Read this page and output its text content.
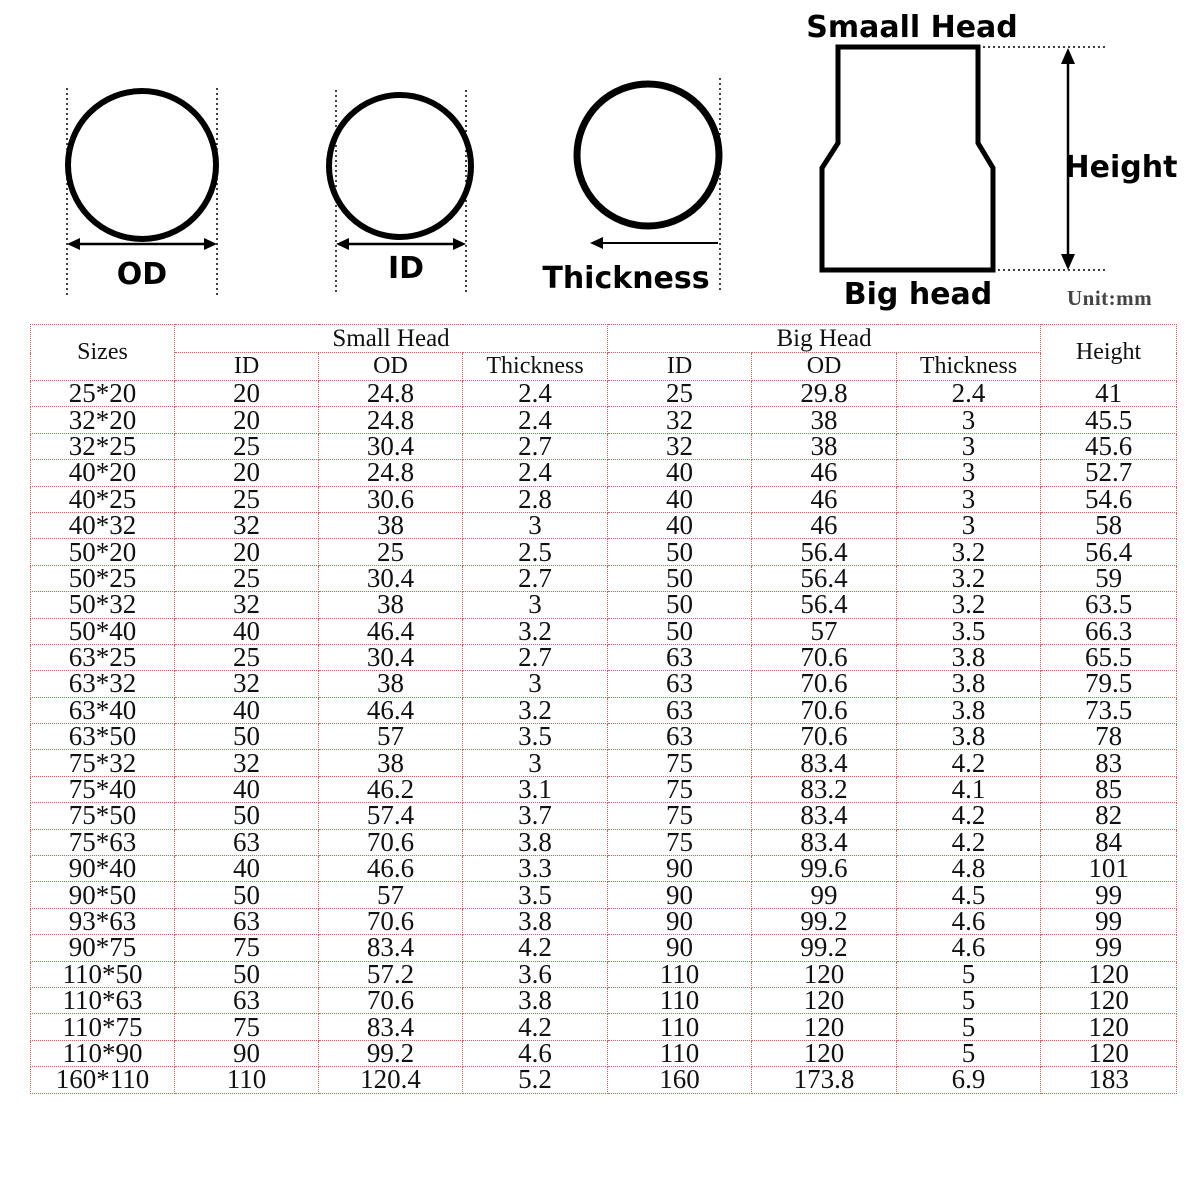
OD	ID	Thickness
Smaall Head
Height
Big head	Unit:mm
Sizes	Small Head			Big Head			Height
	ID	OD	Thickness	ID	OD	Thickness	
25*20	20	24.8	2.4	25	29.8	2.4	41
32*20	20	24.8	2.4	32	38	3	45.5
32*25	25	30.4	2.7	32	38	3	45.6
40*20	20	24.8	2.4	40	46	3	52.7
40*25	25	30.6	2.8	40	46	3	54.6
40*32	32	38	3	40	46	3	58
50*20	20	25	2.5	50	56.4	3.2	56.4
50*25	25	30.4	2.7	50	56.4	3.2	59
50*32	32	38	3	50	56.4	3.2	63.5
50*40	40	46.4	3.2	50	57	3.5	66.3
63*25	25	30.4	2.7	63	70.6	3.8	65.5
63*32	32	38	3	63	70.6	3.8	79.5
63*40	40	46.4	3.2	63	70.6	3.8	73.5
63*50	50	57	3.5	63	70.6	3.8	78
75*32	32	38	3	75	83.4	4.2	83
75*40	40	46.2	3.1	75	83.2	4.1	85
75*50	50	57.4	3.7	75	83.4	4.2	82
75*63	63	70.6	3.8	75	83.4	4.2	84
90*40	40	46.6	3.3	90	99.6	4.8	101
90*50	50	57	3.5	90	99	4.5	99
93*63	63	70.6	3.8	90	99.2	4.6	99
90*75	75	83.4	4.2	90	99.2	4.6	99
110*50	50	57.2	3.6	110	120	5	120
110*63	63	70.6	3.8	110	120	5	120
110*75	75	83.4	4.2	110	120	5	120
110*90	90	99.2	4.6	110	120	5	120
160*110	110	120.4	5.2	160	173.8	6.9	183
